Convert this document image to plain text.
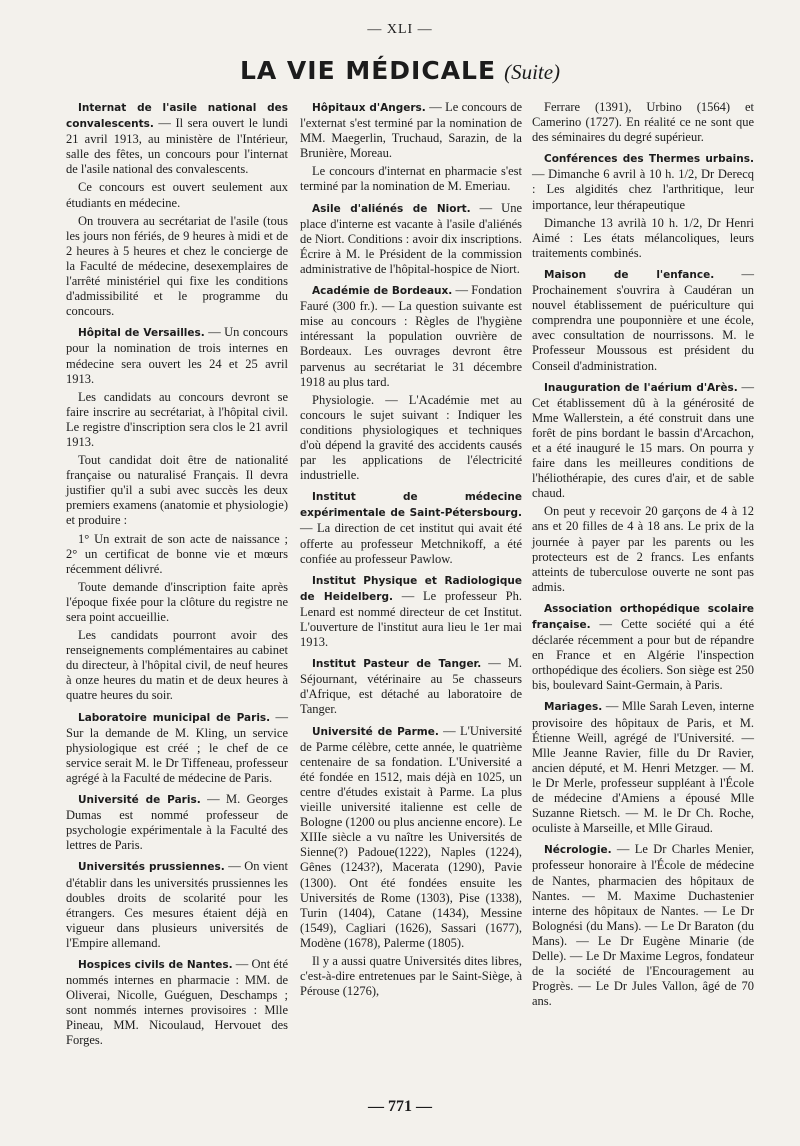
— XLI —
LA VIE MÉDICALE (Suite)

Internat de l'asile national des convalescents. — Il sera ouvert le lundi 21 avril 1913, au ministère de l'Intérieur, salle des fêtes, un concours pour l'internat de l'asile national des convalescents.

Ce concours est ouvert seulement aux étudiants en médecine.

On trouvera au secrétariat de l'asile (tous les jours non fériés, de 9 heures à midi et de 2 heures à 5 heures et chez le concierge de la Faculté de médecine, desexemplaires de l'arrêté ministériel qui fixe les conditions d'admissibilité et le programme du concours.

Hôpital de Versailles. — Un concours pour la nomination de trois internes en médecine sera ouvert les 24 et 25 avril 1913.

Les candidats au concours devront se faire inscrire au secrétariat, à l'hôpital civil. Le registre d'inscription sera clos le 21 avril 1913.

Tout candidat doit être de nationalité française ou naturalisé Français. Il devra justifier qu'il a subi avec succès les deux premiers examens (anatomie et physiologie) et produire :

1° Un extrait de son acte de naissance ; 2° un certificat de bonne vie et mœurs récemment délivré.

Toute demande d'inscription faite après l'époque fixée pour la clôture du registre ne sera point accueillie.

Les candidats pourront avoir des renseignements complémentaires au cabinet du directeur, à l'hôpital civil, de neuf heures à onze heures du matin et de deux heures à quatre heures du soir.

Laboratoire municipal de Paris. — Sur la demande de M. Kling, un service physiologique est créé ; le chef de ce service serait M. le Dr Tiffeneau, professeur agrégé à la Faculté de médecine de Paris.

Université de Paris. — M. Georges Dumas est nommé professeur de psychologie expérimentale à la Faculté des lettres de Paris.

Universités prussiennes. — On vient d'établir dans les universités prussiennes les doubles droits de scolarité pour les étrangers. Ces mesures étaient déjà en vigueur dans plusieurs universités de l'Empire allemand.

Hospices civils de Nantes. — Ont été nommés internes en pharmacie : MM. de Oliverai, Nicolle, Guéguen, Deschamps ; sont nommés internes provisoires : Mlle Pineau, MM. Nicoulaud, Hervouet des Forges.

Hôpitaux d'Angers. — Le concours de l'externat s'est terminé par la nomination de MM. Maegerlin, Truchaud, Sarazin, de la Brunière, Moreau.

Le concours d'internat en pharmacie s'est terminé par la nomination de M. Emeriau.

Asile d'aliénés de Niort. — Une place d'interne est vacante à l'asile d'aliénés de Niort. Conditions : avoir dix inscriptions. Écrire à M. le Président de la commission administrative de l'hôpital-hospice de Niort.

Académie de Bordeaux. — Fondation Fauré (300 fr.). — La question suivante est mise au concours : Règles de l'hygiène intéressant la population ouvrière de Bordeaux. Les ouvrages devront être parvenus au secrétariat le 31 décembre 1918 au plus tard.

Physiologie. — L'Académie met au concours le sujet suivant : Indiquer les conditions physiologiques et techniques d'où dépend la gravité des accidents causés par les applications de l'électricité industrielle.

Institut de médecine expérimentale de Saint-Pétersbourg. — La direction de cet institut qui avait été offerte au professeur Metchnikoff, a été confiée au professeur Pawlow.

Institut Physique et Radiologique de Heidelberg. — Le professeur Ph. Lenard est nommé directeur de cet Institut. L'ouverture de l'institut aura lieu le 1er mai 1913.

Institut Pasteur de Tanger. — M. Séjournant, vétérinaire au 5e chasseurs d'Afrique, est détaché au laboratoire de Tanger.

Université de Parme. — L'Université de Parme célèbre, cette année, le quatrième centenaire de sa fondation. L'Université a été fondée en 1512, mais déjà en 1025, un centre d'études existait à Parme. La plus vieille université italienne est celle de Bologne (1200 ou plus ancienne encore). Le XIIIe siècle a vu naître les Universités de Sienne(?) Padoue(1222), Naples (1224), Gênes (1243?), Macerata (1290), Pavie (1300). Ont été fondées ensuite les Universités de Rome (1303), Pise (1338), Turin (1404), Catane (1434), Messine (1549), Cagliari (1626), Sassari (1677), Modène (1678), Palerme (1805).

Il y a aussi quatre Universités dites libres, c'est-à-dire entretenues par le Saint-Siège, à Pérouse (1276),

Ferrare (1391), Urbino (1564) et Camerino (1727). En réalité ce ne sont que des séminaires du degré supérieur.

Conférences des Thermes urbains. — Dimanche 6 avril à 10 h. 1/2, Dr Derecq : Les algidités chez l'arthritique, leur importance, leur thérapeutique

Dimanche 13 avrilà 10 h. 1/2, Dr Henri Aimé : Les états mélancoliques, leurs traitements combinés.

Maison de l'enfance. — Prochainement s'ouvrira à Caudéran un nouvel établissement de puériculture qui comprendra une pouponnière et une école, avec consultation de nourrissons. M. le Professeur Moussous est président du Conseil d'administration.

Inauguration de l'aérium d'Arès. — Cet établissement dû à la générosité de Mme Wallerstein, a été construit dans une forêt de pins bordant le bassin d'Arcachon, et a été inauguré le 15 mars. On pourra y faire dans les meilleures conditions de l'héliothérapie, des cures d'air, et de sable chaud.

On peut y recevoir 20 garçons de 4 à 12 ans et 20 filles de 4 à 18 ans. Le prix de la journée à payer par les parents ou les protecteurs est de 2 francs. Les enfants atteints de tuberculose ouverte ne sont pas admis.

Association orthopédique scolaire française. — Cette société qui a été déclarée récemment a pour but de répandre en France et en Algérie l'inspection orthopédique des écoliers. Son siège est 250 bis, boulevard Saint-Germain, à Paris.

Mariages. — Mlle Sarah Leven, interne provisoire des hôpitaux de Paris, et M. Étienne Weill, agrégé de l'Université. — Mlle Jeanne Ravier, fille du Dr Ravier, ancien député, et M. Henri Metzger. — M. le Dr Merle, professeur suppléant à l'École de médecine d'Amiens a épousé Mlle Suzanne Rietsch. — M. le Dr Ch. Roche, oculiste à Marseille, et Mlle Giraud.

Nécrologie. — Le Dr Charles Menier, professeur honoraire à l'École de médecine de Nantes, pharmacien des hôpitaux de Nantes. — M. Maxime Duchastenier interne des hôpitaux de Nantes. — Le Dr Bolognési (du Mans). — Le Dr Baraton (du Mans). — Le Dr Eugène Minarie (de Delle). — Le Dr Maxime Legros, fondateur de la société de l'Encouragement au Progrès. — Le Dr Jules Vallon, âgé de 70 ans.

— 771 —
